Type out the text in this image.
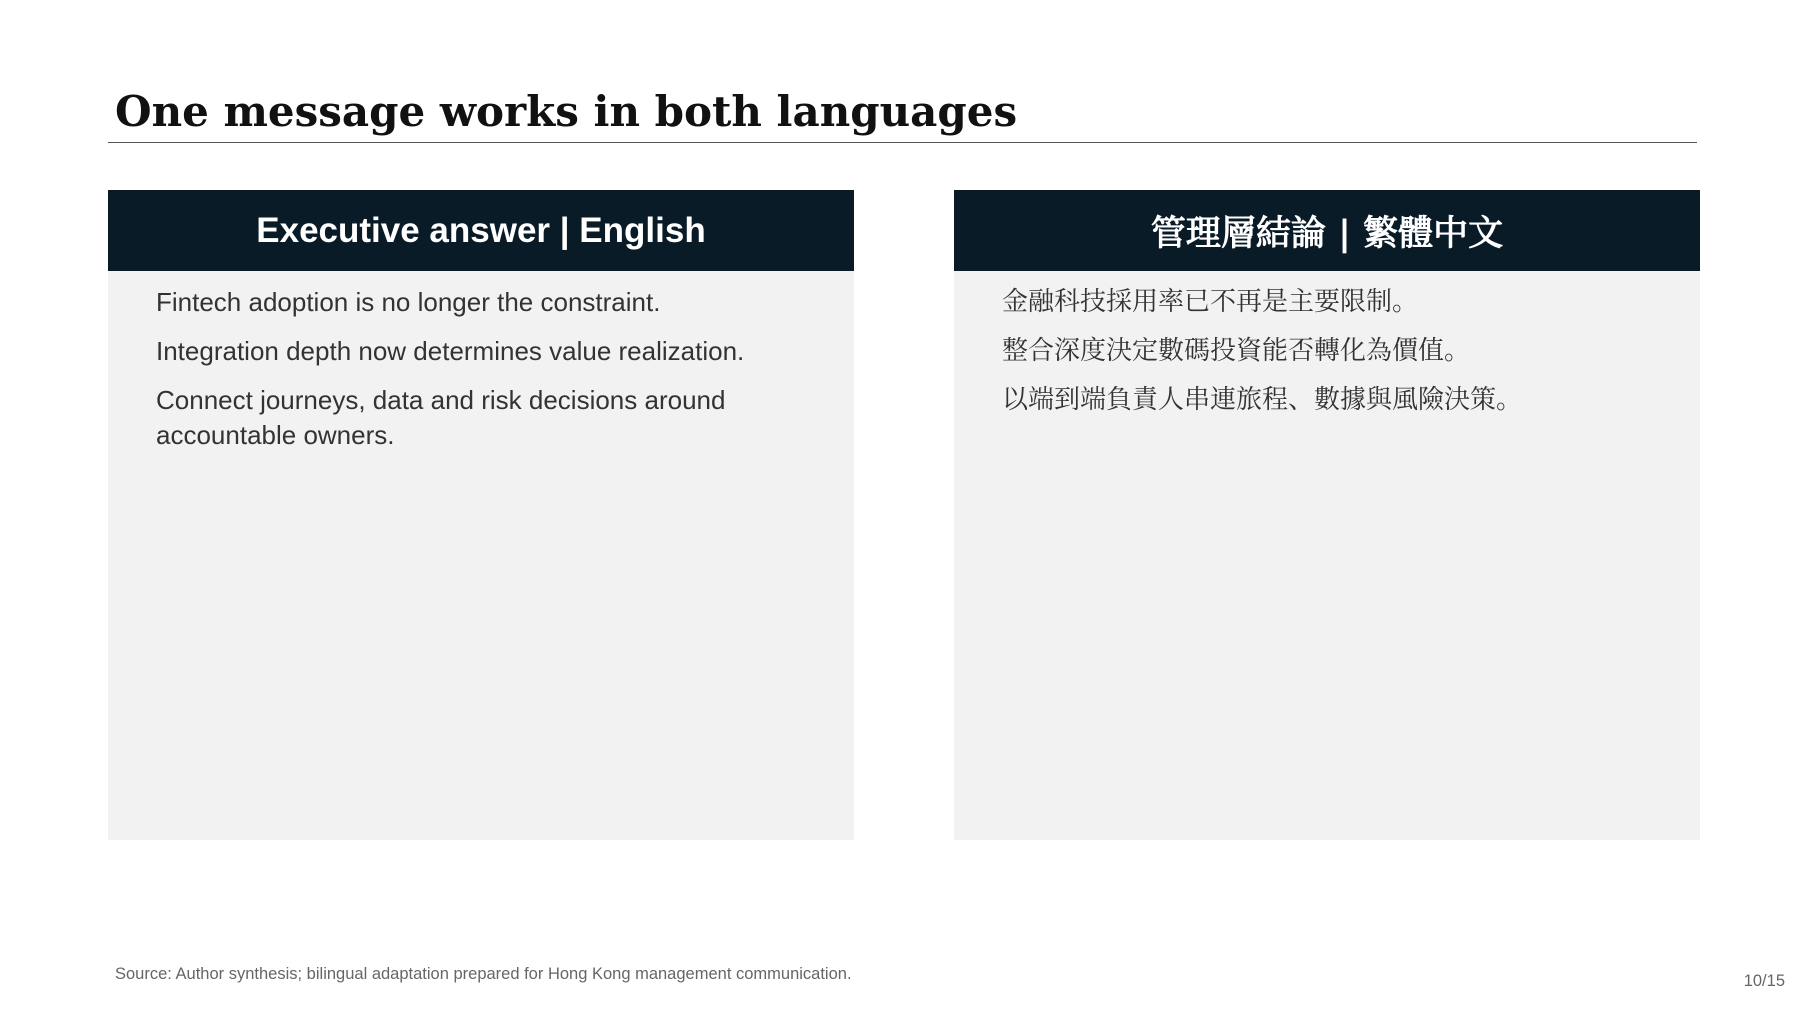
One message works in both languages
Executive answer | English

Fintech adoption is no longer the constraint.

Integration depth now determines value realization.

Connect journeys, data and risk decisions around accountable owners.

管理層結論 | 繁體中文

金融科技採用率已不再是主要限制。

整合深度決定數碼投資能否轉化為價值。

以端到端負責人串連旅程、數據與風險決策。

Source: Author synthesis; bilingual adaptation prepared for Hong Kong management communication.	10/15
